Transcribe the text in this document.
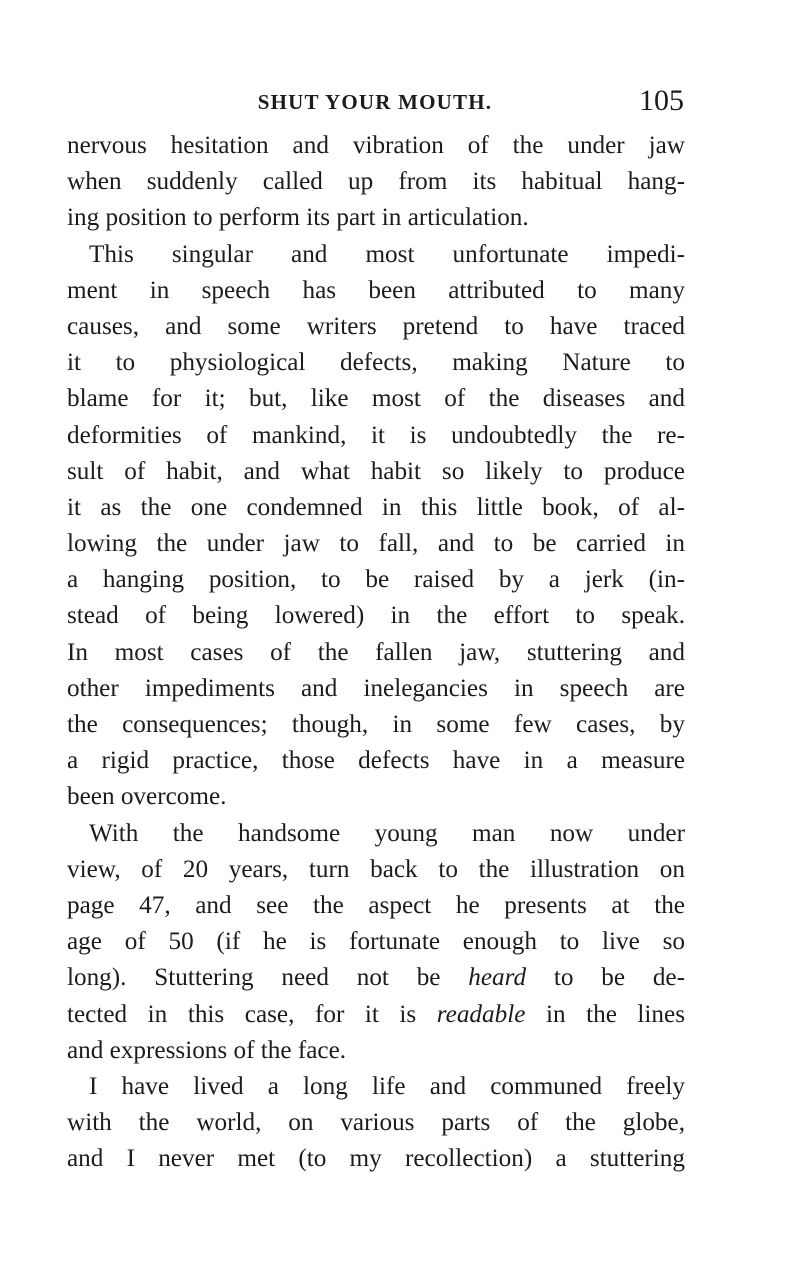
SHUT YOUR MOUTH.	105
nervous hesitation and vibration of the under jaw
when suddenly called up from its habitual hang-
ing position to perform its part in articulation.
This singular and most unfortunate impedi-
ment in speech has been attributed to many
causes, and some writers pretend to have traced
it to physiological defects, making Nature to
blame for it; but, like most of the diseases and
deformities of mankind, it is undoubtedly the re-
sult of habit, and what habit so likely to produce
it as the one condemned in this little book, of al-
lowing the under jaw to fall, and to be carried in
a hanging position, to be raised by a jerk (in-
stead of being lowered) in the effort to speak.
In most cases of the fallen jaw, stuttering and
other impediments and inelegancies in speech are
the consequences; though, in some few cases, by
a rigid practice, those defects have in a measure
been overcome.
With the handsome young man now under
view, of 20 years, turn back to the illustration on
page 47, and see the aspect he presents at the
age of 50 (if he is fortunate enough to live so
long). Stuttering need not be heard to be de-
tected in this case, for it is readable in the lines
and expressions of the face.
I have lived a long life and communed freely
with the world, on various parts of the globe,
and I never met (to my recollection) a stuttering
